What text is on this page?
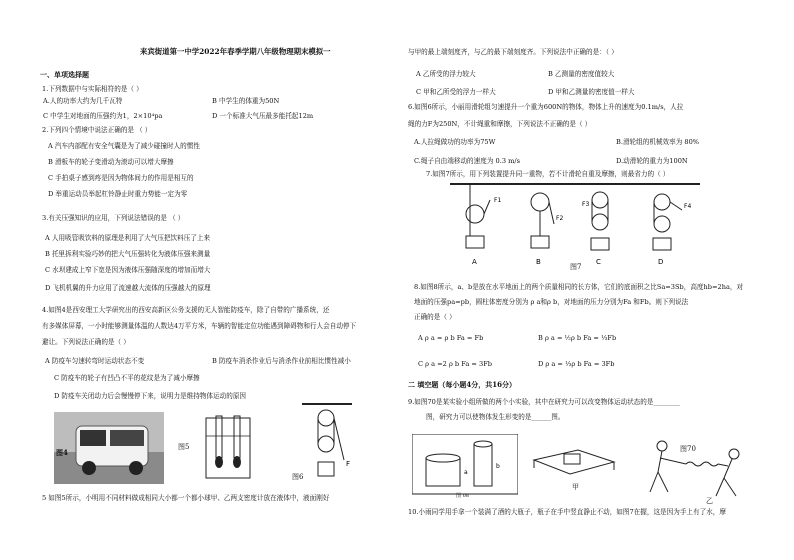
来宾街道第一中学2022年春季学期八年级物理期末模拟一
一、单项选择题
1.下列数据中与实际相符的是（ ）
A.人的功率大约为几千瓦特	B 中学生的体重为50N
C 中学生对地面的压强约为1，2×10⁴pa	D 一个标准大气压最多能托起12m
2.下列四个情境中说法正确的是 （ ）
A 汽车内部配有安全气囊是为了减少碰撞时人的惯性
B 滑板车的轮子变滑动为滚动可以增大摩擦
C 手拍桌子感到疼是因为物体间力的作用是相互的
D 举重运动员举起杠铃静止时重力势能一定为零
3.有关压强知识的应用，下列说法错误的是 （ ）
A 人用吸管吸饮料的原理是利用了大气压把饮料压了上来
B 托里拆利实验巧妙的把大气压强转化为液体压强来测量
C 水坝建成上窄下宽是因为液体压强随深度的增加而增大
D 飞机机翼的升力应用了流速越大流体的压强越大的原理
4.如图4是西安理工大学研究出的西安高新区公务支援的无人智能防疫车，除了自带的广播系统，还
有多媒体屏幕，一小时能够测量体温的人数达4万平方米，车辆的智能定位功能遇到障碍物和行人会自动停下
避让。下列说法正确的是（ ）
A 防疫车匀速转弯时运动状态不变	B 防疫车消杀作业后与消杀作业前相比惯性减小
C 防疫车的轮子有凹凸不平的花纹是为了减小摩擦
D 防疫车关闭动力后会慢慢停下来，说明力是维持物体运动的原因
5 如图5所示，小明用不同材料做成相同大小都一个都小球甲、乙两支密度计放在液体中，液面刚好
与甲的最上端刻度齐，与乙的最下端刻度齐。下列说法中正确的是：（ ）
A 乙所受的浮力较大	B 乙测量的密度值较大
C 甲和乙所受的浮力一样大	D 甲和乙测量的密度值一样大
6.如图6所示，小丽用滑轮组匀速提升一个重为600N的物体，物体上升的速度为0.1m/s，人拉
绳的力F为250N，不计绳重和摩擦，下列说法不正确的是（ ）
A.人拉绳做功的功率为75W	B.滑轮组的机械效率为 80%
C.绳子自由端移动的速度为 0.3 m/s	D.动滑轮的重力为100N
7.如图7所示，用下列装置提升同一重物，若不计滑轮自重及摩擦，则最省力的（ ）
8.如图8所示，a、b是放在水平地面上的两个质量相同的长方体，它们的底面积之比Sa=3Sb，高度hb=2ha，对
地面的压强pa=pb，圆柱体密度分别为 ρ a和ρ b，对地面的压力分别为Fa 和Fb。则下列说法
正确的是（ ）
二 填空题（每小题4分，共16分）
9.如图70是某实验小组所做的两个小实验，其中在研究力可以改变物体运动状态的是________
图，研究力可以使物体发生形变的是______图。
10.小雨同学用手拿一个装满了酒的大瓶子，瓶子在手中竖直静止不动，如图7在握，这是因为手上有了水，摩
图4
图5
F
图6
F1
F2
F3	F4
A	B	C	D
图7
a
b
图 08
甲
图70
乙
A ρ a = ρ b Fa = Fb	B ρ a = ½ρ b Fa = ⅓Fb
C ρ a =2 ρ b Fa = 3Fb	D ρ a = ⅓ρ b Fa = 3Fb
